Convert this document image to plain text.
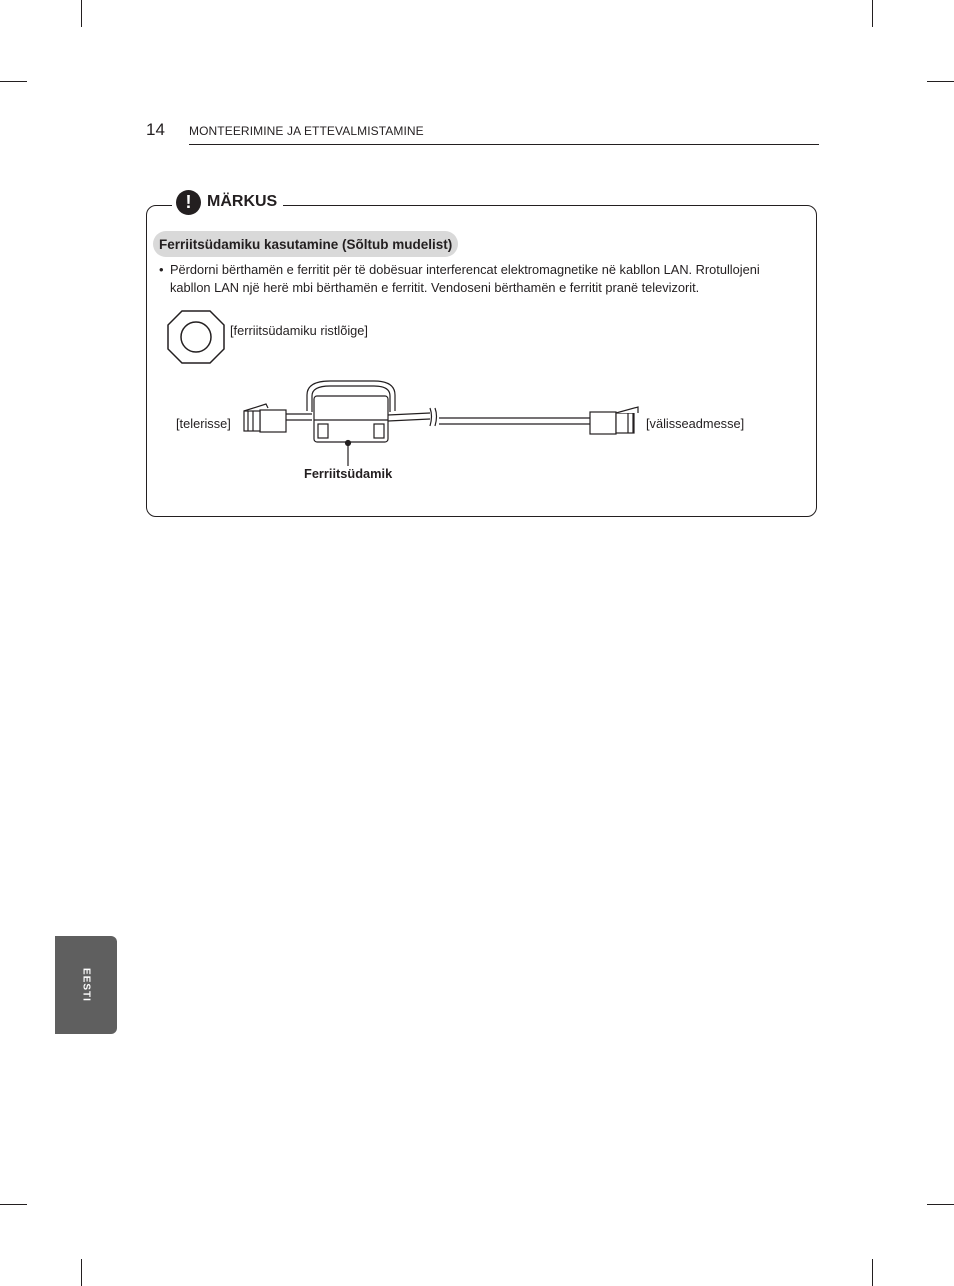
14 MONTEERIMINE JA ETTEVALMISTAMINE
! MÄRKUS
Ferriitsüdamiku kasutamine (Sõltub mudelist)
• Përdorni bërthamën e ferritit për të dobësuar interferencat elektromagnetike në kabllon LAN. Rrotullojeni kabllon LAN një herë mbi bërthamën e ferritit. Vendoseni bërthamën e ferritit pranë televizorit.
[ferriitsüdamiku ristlõige]
[telerisse]	[välisseadmesse]
Ferriitsüdamik
EESTI
